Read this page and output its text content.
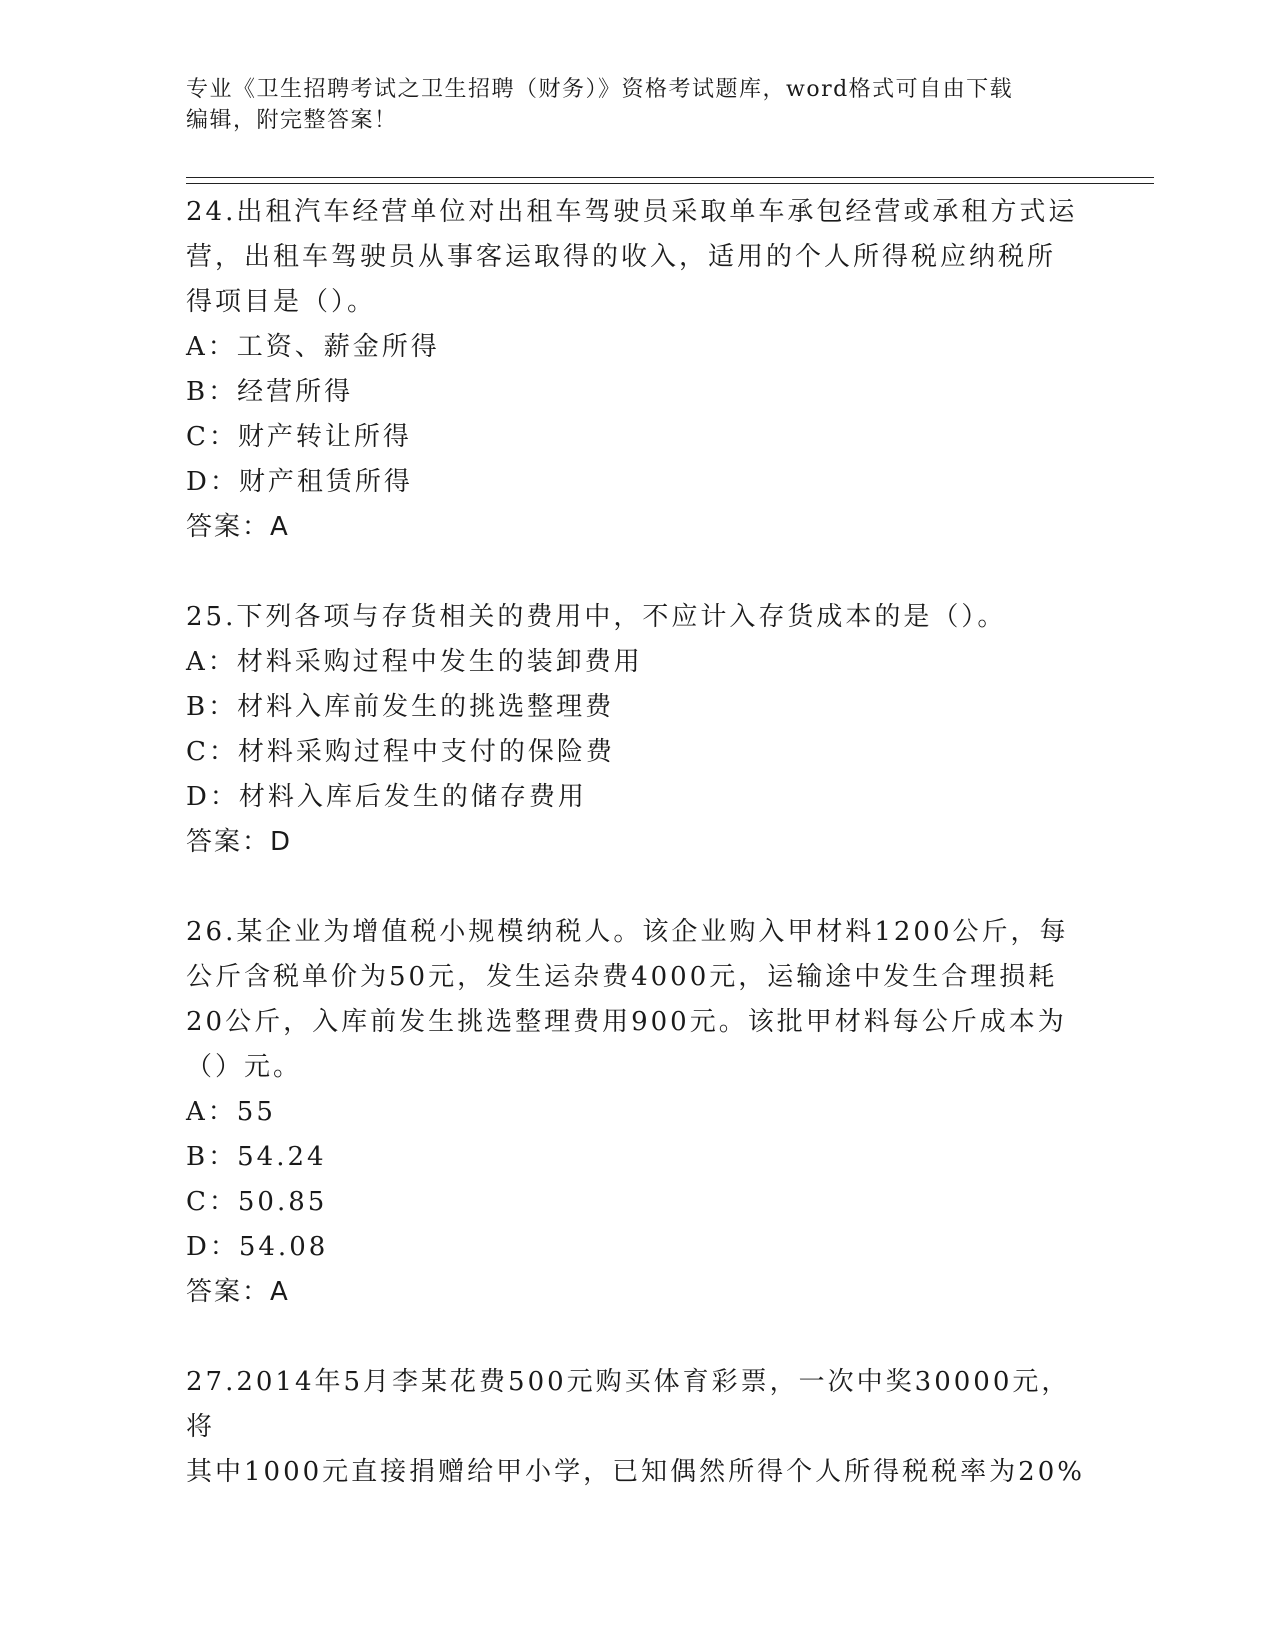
专业《卫生招聘考试之卫生招聘（财务）》资格考试题库，word格式可自由下载
编辑，附完整答案！

24.出租汽车经营单位对出租车驾驶员采取单车承包经营或承租方式运

营，出租车驾驶员从事客运取得的收入，适用的个人所得税应纳税所

得项目是（）。

A：工资、薪金所得

B：经营所得

C：财产转让所得

D：财产租赁所得

答案：A

25.下列各项与存货相关的费用中，不应计入存货成本的是（）。

A：材料采购过程中发生的装卸费用

B：材料入库前发生的挑选整理费

C：材料采购过程中支付的保险费

D：材料入库后发生的储存费用

答案：D

26.某企业为增值税小规模纳税人。该企业购入甲材料1200公斤，每

公斤含税单价为50元，发生运杂费4000元，运输途中发生合理损耗

20公斤，入库前发生挑选整理费用900元。该批甲材料每公斤成本为

（）元。

A：55

B：54.24

C：50.85

D：54.08

答案：A

27.2014年5月李某花费500元购买体育彩票，一次中奖30000元，将

其中1000元直接捐赠给甲小学，已知偶然所得个人所得税税率为20%
